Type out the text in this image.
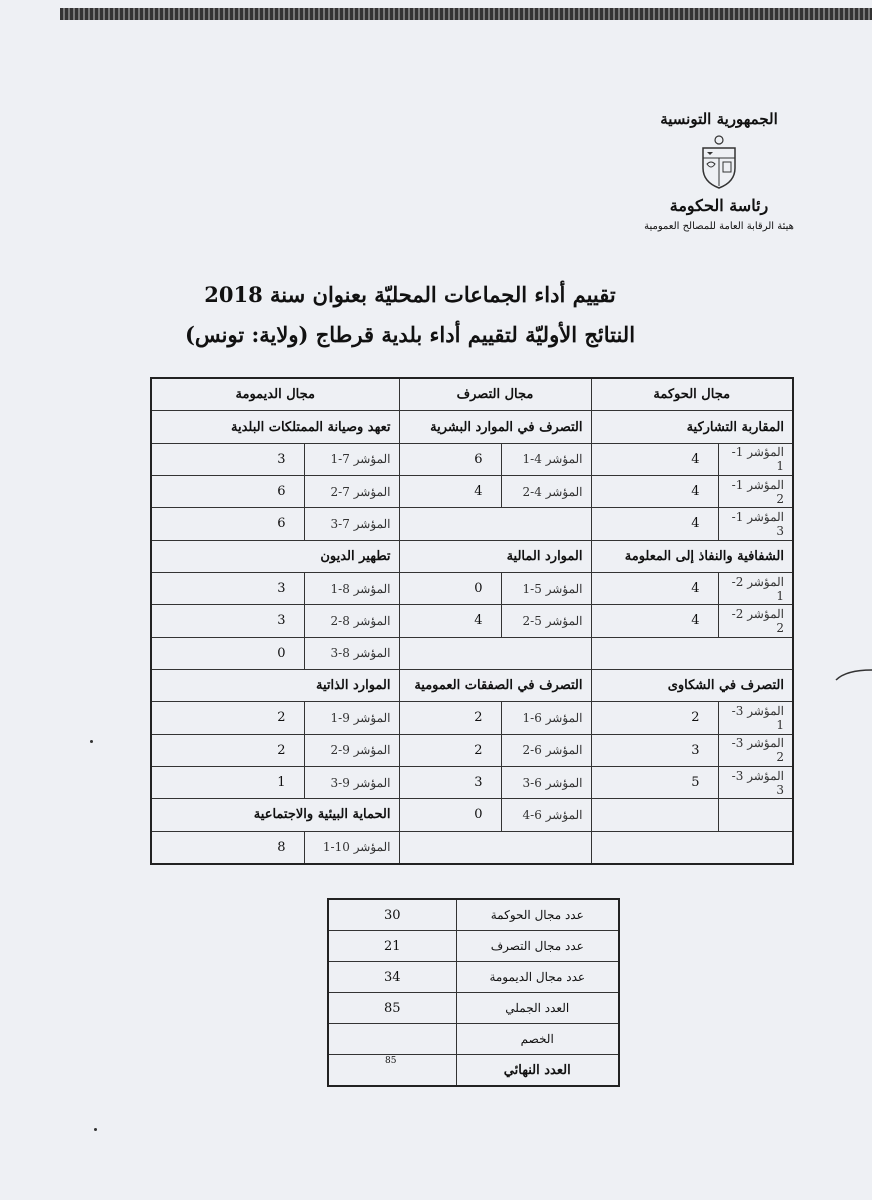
الجمهورية التونسية
رئاسة الحكومة
هيئة الرقابة العامة للمصالح العمومية
تقييم أداء الجماعات المحليّة بعنوان سنة 2018
النتائج الأوليّة لتقييم أداء بلدية قرطاج (ولاية: تونس)
مجال الحوكمة		مجال التصرف		مجال الديمومة	
المقاربة التشاركية		التصرف في الموارد البشرية		تعهد وصيانة الممتلكات البلدية	
المؤشر 1-1	4	المؤشر 4-1	6	المؤشر 7-1	3
المؤشر 1-2	4	المؤشر 4-2	4	المؤشر 7-2	6
المؤشر 1-3	4			المؤشر 7-3	6
الشفافية والنفاذ إلى المعلومة		الموارد المالية		تطهير الديون	
المؤشر 2-1	4	المؤشر 5-1	0	المؤشر 8-1	3
المؤشر 2-2	4	المؤشر 5-2	4	المؤشر 8-2	3
				المؤشر 8-3	0
التصرف في الشكاوى		التصرف في الصفقات العمومية		الموارد الذاتية	
المؤشر 3-1	2	المؤشر 6-1	2	المؤشر 9-1	2
المؤشر 3-2	3	المؤشر 6-2	2	المؤشر 9-2	2
المؤشر 3-3	5	المؤشر 6-3	3	المؤشر 9-3	1
		المؤشر 6-4	0	الحماية البيئية والاجتماعية	
				المؤشر 10-1	8
عدد مجال الحوكمة	30
عدد مجال التصرف	21
عدد مجال الديمومة	34
العدد الجملي	85
الخصم	
العدد النهائي	85
